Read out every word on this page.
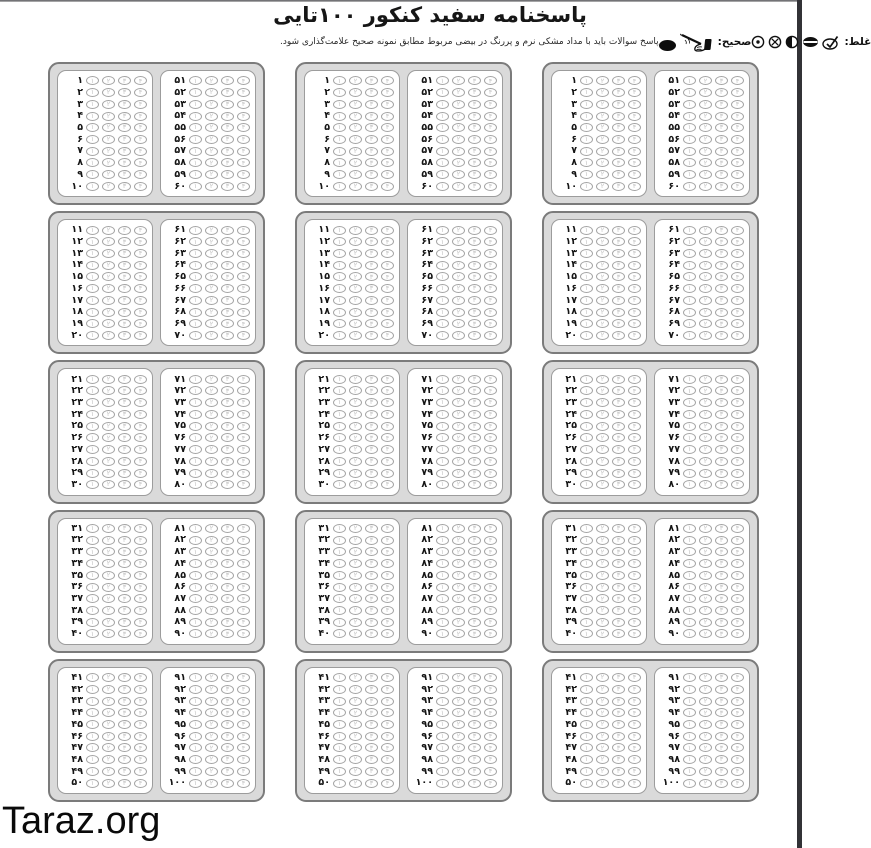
پاسخنامه سفید کنکور ۱۰۰تایی
پاسخ سوالات باید با مداد مشکی نرم و پررنگ در بیضی مربوط مطابق نمونه صحیح علامت‌گذاری شود.	صحیح:	غلط:
۱	۱	۲	۳	۴
۲	۱	۲	۳	۴
۳	۱	۲	۳	۴
۴	۱	۲	۳	۴
۵	۱	۲	۳	۴
۶	۱	۲	۳	۴
۷	۱	۲	۳	۴
۸	۱	۲	۳	۴
۹	۱	۲	۳	۴
۱۰	۱	۲	۳	۴
۵۱	۱	۲	۳	۴
۵۲	۱	۲	۳	۴
۵۳	۱	۲	۳	۴
۵۴	۱	۲	۳	۴
۵۵	۱	۲	۳	۴
۵۶	۱	۲	۳	۴
۵۷	۱	۲	۳	۴
۵۸	۱	۲	۳	۴
۵۹	۱	۲	۳	۴
۶۰	۱	۲	۳	۴
۱۱	۱	۲	۳	۴
۱۲	۱	۲	۳	۴
۱۳	۱	۲	۳	۴
۱۴	۱	۲	۳	۴
۱۵	۱	۲	۳	۴
۱۶	۱	۲	۳	۴
۱۷	۱	۲	۳	۴
۱۸	۱	۲	۳	۴
۱۹	۱	۲	۳	۴
۲۰	۱	۲	۳	۴
۶۱	۱	۲	۳	۴
۶۲	۱	۲	۳	۴
۶۳	۱	۲	۳	۴
۶۴	۱	۲	۳	۴
۶۵	۱	۲	۳	۴
۶۶	۱	۲	۳	۴
۶۷	۱	۲	۳	۴
۶۸	۱	۲	۳	۴
۶۹	۱	۲	۳	۴
۷۰	۱	۲	۳	۴
۲۱	۱	۲	۳	۴
۲۲	۱	۲	۳	۴
۲۳	۱	۲	۳	۴
۲۴	۱	۲	۳	۴
۲۵	۱	۲	۳	۴
۲۶	۱	۲	۳	۴
۲۷	۱	۲	۳	۴
۲۸	۱	۲	۳	۴
۲۹	۱	۲	۳	۴
۳۰	۱	۲	۳	۴
۷۱	۱	۲	۳	۴
۷۲	۱	۲	۳	۴
۷۳	۱	۲	۳	۴
۷۴	۱	۲	۳	۴
۷۵	۱	۲	۳	۴
۷۶	۱	۲	۳	۴
۷۷	۱	۲	۳	۴
۷۸	۱	۲	۳	۴
۷۹	۱	۲	۳	۴
۸۰	۱	۲	۳	۴
۳۱	۱	۲	۳	۴
۳۲	۱	۲	۳	۴
۳۳	۱	۲	۳	۴
۳۴	۱	۲	۳	۴
۳۵	۱	۲	۳	۴
۳۶	۱	۲	۳	۴
۳۷	۱	۲	۳	۴
۳۸	۱	۲	۳	۴
۳۹	۱	۲	۳	۴
۴۰	۱	۲	۳	۴
۸۱	۱	۲	۳	۴
۸۲	۱	۲	۳	۴
۸۳	۱	۲	۳	۴
۸۴	۱	۲	۳	۴
۸۵	۱	۲	۳	۴
۸۶	۱	۲	۳	۴
۸۷	۱	۲	۳	۴
۸۸	۱	۲	۳	۴
۸۹	۱	۲	۳	۴
۹۰	۱	۲	۳	۴
۴۱	۱	۲	۳	۴
۴۲	۱	۲	۳	۴
۴۳	۱	۲	۳	۴
۴۴	۱	۲	۳	۴
۴۵	۱	۲	۳	۴
۴۶	۱	۲	۳	۴
۴۷	۱	۲	۳	۴
۴۸	۱	۲	۳	۴
۴۹	۱	۲	۳	۴
۵۰	۱	۲	۳	۴
۹۱	۱	۲	۳	۴
۹۲	۱	۲	۳	۴
۹۳	۱	۲	۳	۴
۹۴	۱	۲	۳	۴
۹۵	۱	۲	۳	۴
۹۶	۱	۲	۳	۴
۹۷	۱	۲	۳	۴
۹۸	۱	۲	۳	۴
۹۹	۱	۲	۳	۴
۱۰۰	۱	۲	۳	۴
۱	۱	۲	۳	۴
۲	۱	۲	۳	۴
۳	۱	۲	۳	۴
۴	۱	۲	۳	۴
۵	۱	۲	۳	۴
۶	۱	۲	۳	۴
۷	۱	۲	۳	۴
۸	۱	۲	۳	۴
۹	۱	۲	۳	۴
۱۰	۱	۲	۳	۴
۵۱	۱	۲	۳	۴
۵۲	۱	۲	۳	۴
۵۳	۱	۲	۳	۴
۵۴	۱	۲	۳	۴
۵۵	۱	۲	۳	۴
۵۶	۱	۲	۳	۴
۵۷	۱	۲	۳	۴
۵۸	۱	۲	۳	۴
۵۹	۱	۲	۳	۴
۶۰	۱	۲	۳	۴
۱۱	۱	۲	۳	۴
۱۲	۱	۲	۳	۴
۱۳	۱	۲	۳	۴
۱۴	۱	۲	۳	۴
۱۵	۱	۲	۳	۴
۱۶	۱	۲	۳	۴
۱۷	۱	۲	۳	۴
۱۸	۱	۲	۳	۴
۱۹	۱	۲	۳	۴
۲۰	۱	۲	۳	۴
۶۱	۱	۲	۳	۴
۶۲	۱	۲	۳	۴
۶۳	۱	۲	۳	۴
۶۴	۱	۲	۳	۴
۶۵	۱	۲	۳	۴
۶۶	۱	۲	۳	۴
۶۷	۱	۲	۳	۴
۶۸	۱	۲	۳	۴
۶۹	۱	۲	۳	۴
۷۰	۱	۲	۳	۴
۲۱	۱	۲	۳	۴
۲۲	۱	۲	۳	۴
۲۳	۱	۲	۳	۴
۲۴	۱	۲	۳	۴
۲۵	۱	۲	۳	۴
۲۶	۱	۲	۳	۴
۲۷	۱	۲	۳	۴
۲۸	۱	۲	۳	۴
۲۹	۱	۲	۳	۴
۳۰	۱	۲	۳	۴
۷۱	۱	۲	۳	۴
۷۲	۱	۲	۳	۴
۷۳	۱	۲	۳	۴
۷۴	۱	۲	۳	۴
۷۵	۱	۲	۳	۴
۷۶	۱	۲	۳	۴
۷۷	۱	۲	۳	۴
۷۸	۱	۲	۳	۴
۷۹	۱	۲	۳	۴
۸۰	۱	۲	۳	۴
۳۱	۱	۲	۳	۴
۳۲	۱	۲	۳	۴
۳۳	۱	۲	۳	۴
۳۴	۱	۲	۳	۴
۳۵	۱	۲	۳	۴
۳۶	۱	۲	۳	۴
۳۷	۱	۲	۳	۴
۳۸	۱	۲	۳	۴
۳۹	۱	۲	۳	۴
۴۰	۱	۲	۳	۴
۸۱	۱	۲	۳	۴
۸۲	۱	۲	۳	۴
۸۳	۱	۲	۳	۴
۸۴	۱	۲	۳	۴
۸۵	۱	۲	۳	۴
۸۶	۱	۲	۳	۴
۸۷	۱	۲	۳	۴
۸۸	۱	۲	۳	۴
۸۹	۱	۲	۳	۴
۹۰	۱	۲	۳	۴
۴۱	۱	۲	۳	۴
۴۲	۱	۲	۳	۴
۴۳	۱	۲	۳	۴
۴۴	۱	۲	۳	۴
۴۵	۱	۲	۳	۴
۴۶	۱	۲	۳	۴
۴۷	۱	۲	۳	۴
۴۸	۱	۲	۳	۴
۴۹	۱	۲	۳	۴
۵۰	۱	۲	۳	۴
۹۱	۱	۲	۳	۴
۹۲	۱	۲	۳	۴
۹۳	۱	۲	۳	۴
۹۴	۱	۲	۳	۴
۹۵	۱	۲	۳	۴
۹۶	۱	۲	۳	۴
۹۷	۱	۲	۳	۴
۹۸	۱	۲	۳	۴
۹۹	۱	۲	۳	۴
۱۰۰	۱	۲	۳	۴
۱	۱	۲	۳	۴
۲	۱	۲	۳	۴
۳	۱	۲	۳	۴
۴	۱	۲	۳	۴
۵	۱	۲	۳	۴
۶	۱	۲	۳	۴
۷	۱	۲	۳	۴
۸	۱	۲	۳	۴
۹	۱	۲	۳	۴
۱۰	۱	۲	۳	۴
۵۱	۱	۲	۳	۴
۵۲	۱	۲	۳	۴
۵۳	۱	۲	۳	۴
۵۴	۱	۲	۳	۴
۵۵	۱	۲	۳	۴
۵۶	۱	۲	۳	۴
۵۷	۱	۲	۳	۴
۵۸	۱	۲	۳	۴
۵۹	۱	۲	۳	۴
۶۰	۱	۲	۳	۴
۱۱	۱	۲	۳	۴
۱۲	۱	۲	۳	۴
۱۳	۱	۲	۳	۴
۱۴	۱	۲	۳	۴
۱۵	۱	۲	۳	۴
۱۶	۱	۲	۳	۴
۱۷	۱	۲	۳	۴
۱۸	۱	۲	۳	۴
۱۹	۱	۲	۳	۴
۲۰	۱	۲	۳	۴
۶۱	۱	۲	۳	۴
۶۲	۱	۲	۳	۴
۶۳	۱	۲	۳	۴
۶۴	۱	۲	۳	۴
۶۵	۱	۲	۳	۴
۶۶	۱	۲	۳	۴
۶۷	۱	۲	۳	۴
۶۸	۱	۲	۳	۴
۶۹	۱	۲	۳	۴
۷۰	۱	۲	۳	۴
۲۱	۱	۲	۳	۴
۲۲	۱	۲	۳	۴
۲۳	۱	۲	۳	۴
۲۴	۱	۲	۳	۴
۲۵	۱	۲	۳	۴
۲۶	۱	۲	۳	۴
۲۷	۱	۲	۳	۴
۲۸	۱	۲	۳	۴
۲۹	۱	۲	۳	۴
۳۰	۱	۲	۳	۴
۷۱	۱	۲	۳	۴
۷۲	۱	۲	۳	۴
۷۳	۱	۲	۳	۴
۷۴	۱	۲	۳	۴
۷۵	۱	۲	۳	۴
۷۶	۱	۲	۳	۴
۷۷	۱	۲	۳	۴
۷۸	۱	۲	۳	۴
۷۹	۱	۲	۳	۴
۸۰	۱	۲	۳	۴
۳۱	۱	۲	۳	۴
۳۲	۱	۲	۳	۴
۳۳	۱	۲	۳	۴
۳۴	۱	۲	۳	۴
۳۵	۱	۲	۳	۴
۳۶	۱	۲	۳	۴
۳۷	۱	۲	۳	۴
۳۸	۱	۲	۳	۴
۳۹	۱	۲	۳	۴
۴۰	۱	۲	۳	۴
۸۱	۱	۲	۳	۴
۸۲	۱	۲	۳	۴
۸۳	۱	۲	۳	۴
۸۴	۱	۲	۳	۴
۸۵	۱	۲	۳	۴
۸۶	۱	۲	۳	۴
۸۷	۱	۲	۳	۴
۸۸	۱	۲	۳	۴
۸۹	۱	۲	۳	۴
۹۰	۱	۲	۳	۴
۴۱	۱	۲	۳	۴
۴۲	۱	۲	۳	۴
۴۳	۱	۲	۳	۴
۴۴	۱	۲	۳	۴
۴۵	۱	۲	۳	۴
۴۶	۱	۲	۳	۴
۴۷	۱	۲	۳	۴
۴۸	۱	۲	۳	۴
۴۹	۱	۲	۳	۴
۵۰	۱	۲	۳	۴
۹۱	۱	۲	۳	۴
۹۲	۱	۲	۳	۴
۹۳	۱	۲	۳	۴
۹۴	۱	۲	۳	۴
۹۵	۱	۲	۳	۴
۹۶	۱	۲	۳	۴
۹۷	۱	۲	۳	۴
۹۸	۱	۲	۳	۴
۹۹	۱	۲	۳	۴
۱۰۰	۱	۲	۳	۴
Taraz.org
